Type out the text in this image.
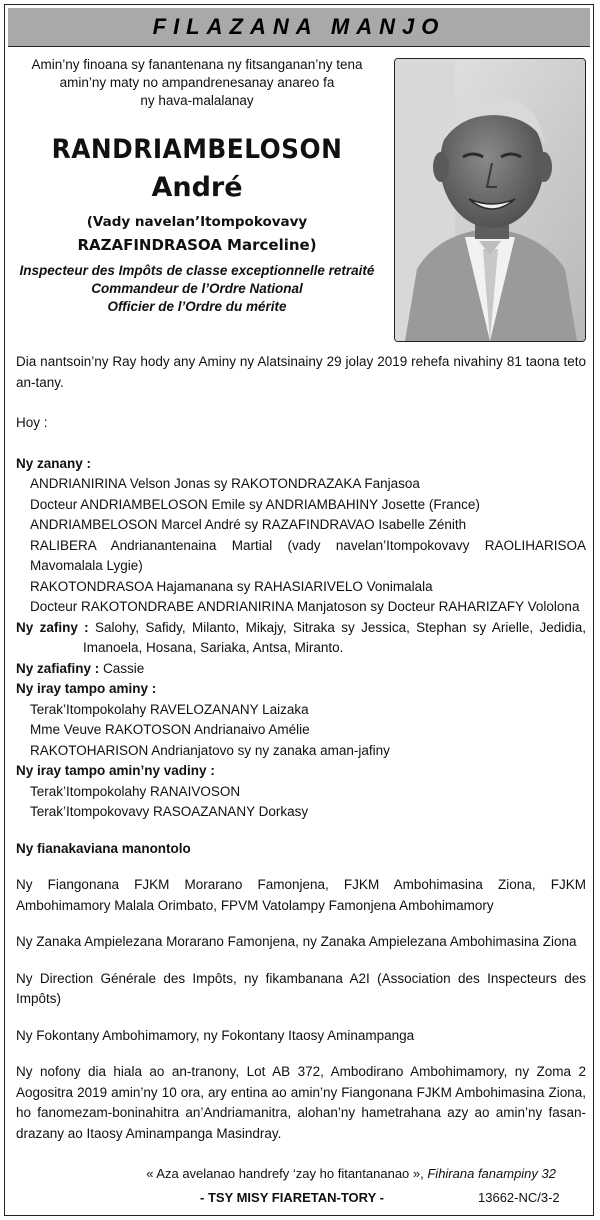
FILAZANA MANJO

Amin’ny finoana sy fanantenana ny fitsanganan’ny tena

amin’ny maty no ampandrenesanay anareo fa

ny hava-malalanay

RANDRIAMBELOSON
André
(Vady navelan’Itompokovavy
RAZAFINDRASOA Marceline)
Inspecteur des Impôts de classe exceptionnelle retraité
Commandeur de l’Ordre National
Officier de l’Ordre du mérite

Dia nantsoin’ny Ray hody any Aminy ny Alatsinainy 29 jolay 2019 rehefa nivahiny 81 taona teto an-tany.

Hoy :

Ny zanany :

ANDRIANIRINA Velson Jonas sy RAKOTONDRAZAKA Fanjasoa

Docteur ANDRIAMBELOSON Emile sy ANDRIAMBAHINY Josette (France)

ANDRIAMBELOSON Marcel André sy RAZAFINDRAVAO Isabelle Zénith

RALIBERA Andrianantenaina Martial (vady navelan’Itompokovavy RAOLIHARISOA Mavomalala Lygie)

RAKOTONDRASOA Hajamanana sy RAHASIARIVELO Vonimalala

Docteur RAKOTONDRABE ANDRIANIRINA Manjatoson sy Docteur RAHARIZAFY Vololona

Ny zafiny : Salohy, Safidy, Milanto, Mikajy, Sitraka sy Jessica, Stephan sy Arielle, Jedidia, Imanoela, Hosana, Sariaka, Antsa, Miranto.

Ny zafiafiny : Cassie

Ny iray tampo aminy :

Terak’Itompokolahy RAVELOZANANY Laizaka

Mme Veuve RAKOTOSON Andrianaivo Amélie

RAKOTOHARISON Andrianjatovo sy ny zanaka aman-jafiny

Ny iray tampo amin’ny vadiny :

Terak’Itompokolahy RANAIVOSON

Terak’Itompokovavy RASOAZANANY Dorkasy

Ny fianakaviana manontolo

Ny Fiangonana FJKM Morarano Famonjena, FJKM Ambohimasina Ziona, FJKM Ambohimamory Malala Orimbato, FPVM Vatolampy Famonjena Ambohimamory

Ny Zanaka Ampielezana Morarano Famonjena, ny Zanaka Ampielezana Ambohimasina Ziona

Ny Direction Générale des Impôts, ny fikambanana A2I (Association des Inspecteurs des Impôts)

Ny Fokontany Ambohimamory, ny Fokontany Itaosy Aminampanga

Ny nofony dia hiala ao an-tranony, Lot AB 372, Ambodirano Ambohimamory, ny Zoma 2 Aogositra 2019 amin’ny 10 ora, ary entina ao amin’ny Fiangonana FJKM Ambohimasina Ziona, ho fanomezam-boninahitra an’Andriamanitra, alohan’ny hametrahana azy ao amin’ny fasan-drazany ao Itaosy Aminampanga Masindray.

« Aza avelanao handrefy ‘zay ho fitantananao », Fihirana fanampiny 32
- TSY MISY FIARETAN-TORY -	13662-NC/3-2
